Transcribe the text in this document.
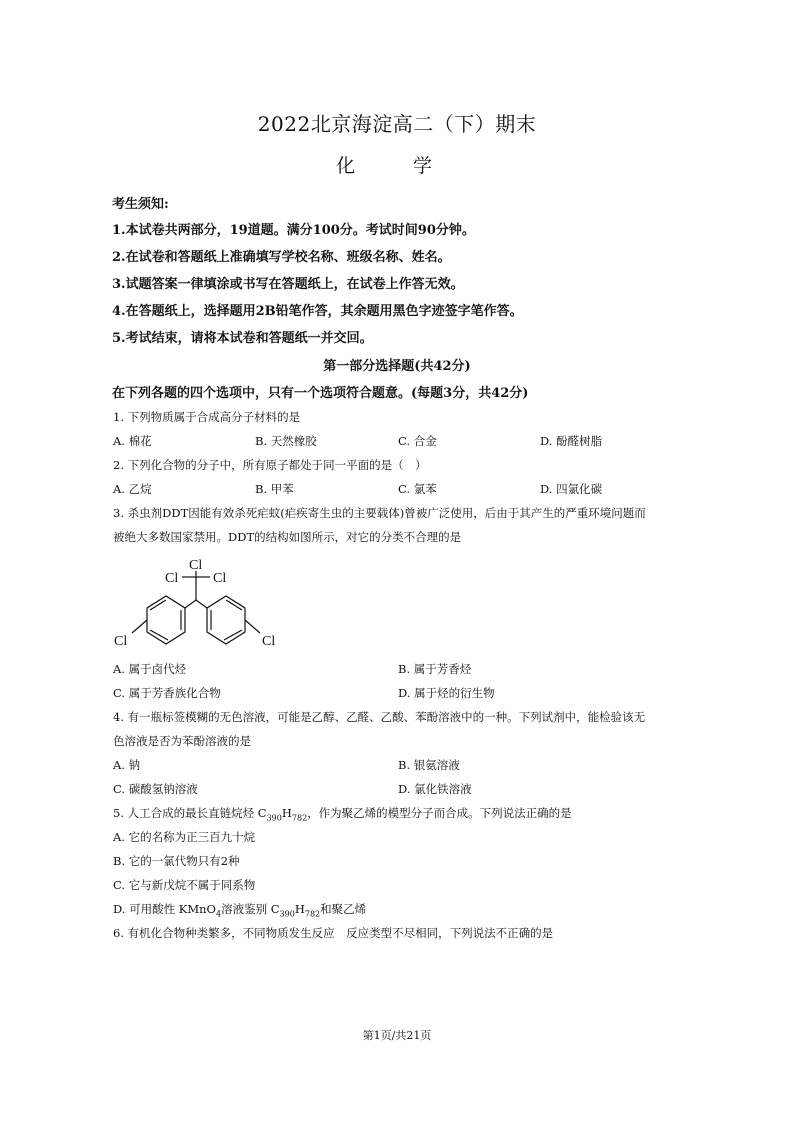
2022北京海淀高二（下）期末
化 学
考生须知:
1.本试卷共两部分，19道题。满分100分。考试时间90分钟。
2.在试卷和答题纸上准确填写学校名称、班级名称、姓名。
3.试题答案一律填涂或书写在答题纸上，在试卷上作答无效。
4.在答题纸上，选择题用2B铅笔作答，其余题用黑色字迹签字笔作答。
5.考试结束，请将本试卷和答题纸一并交回。
第一部分选择题(共42分)
在下列各题的四个选项中，只有一个选项符合题意。(每题3分，共42分)
1. 下列物质属于合成高分子材料的是
A. 棉花	B. 天然橡胶	C. 合金	D. 酚醛树脂
2. 下列化合物的分子中，所有原子都处于同一平面的是（　）
A. 乙烷	B. 甲苯	C. 氯苯	D. 四氯化碳
3. 杀虫剂DDT因能有效杀死疟蚊(疟疾寄生虫的主要载体)曾被广泛使用，后由于其产生的严重环境问题而
被绝大多数国家禁用。DDT的结构如图所示，对它的分类不合理的是
Cl
Cl Cl
Cl	Cl
A. 属于卤代烃	B. 属于芳香烃
C. 属于芳香族化合物	D. 属于烃的衍生物
4. 有一瓶标签模糊的无色溶液，可能是乙醇、乙醛、乙酸、苯酚溶液中的一种。下列试剂中，能检验该无
色溶液是否为苯酚溶液的是
A. 钠	B. 银氨溶液
C. 碳酸氢钠溶液	D. 氯化铁溶液
5. 人工合成的最长直链烷烃 $C_{390}H_{782}$，作为聚乙烯的模型分子而合成。下列说法正确的是
A. 它的名称为正三百九十烷
B. 它的一氯代物只有2种
C. 它与新戊烷不属于同系物
D. 可用酸性 KMnO$_4$溶液鉴别 $C_{390}H_{782}$和聚乙烯
6. 有机化合物种类繁多，不同物质发生反应　反应类型不尽相同，下列说法不正确的是
第1页/共21页
